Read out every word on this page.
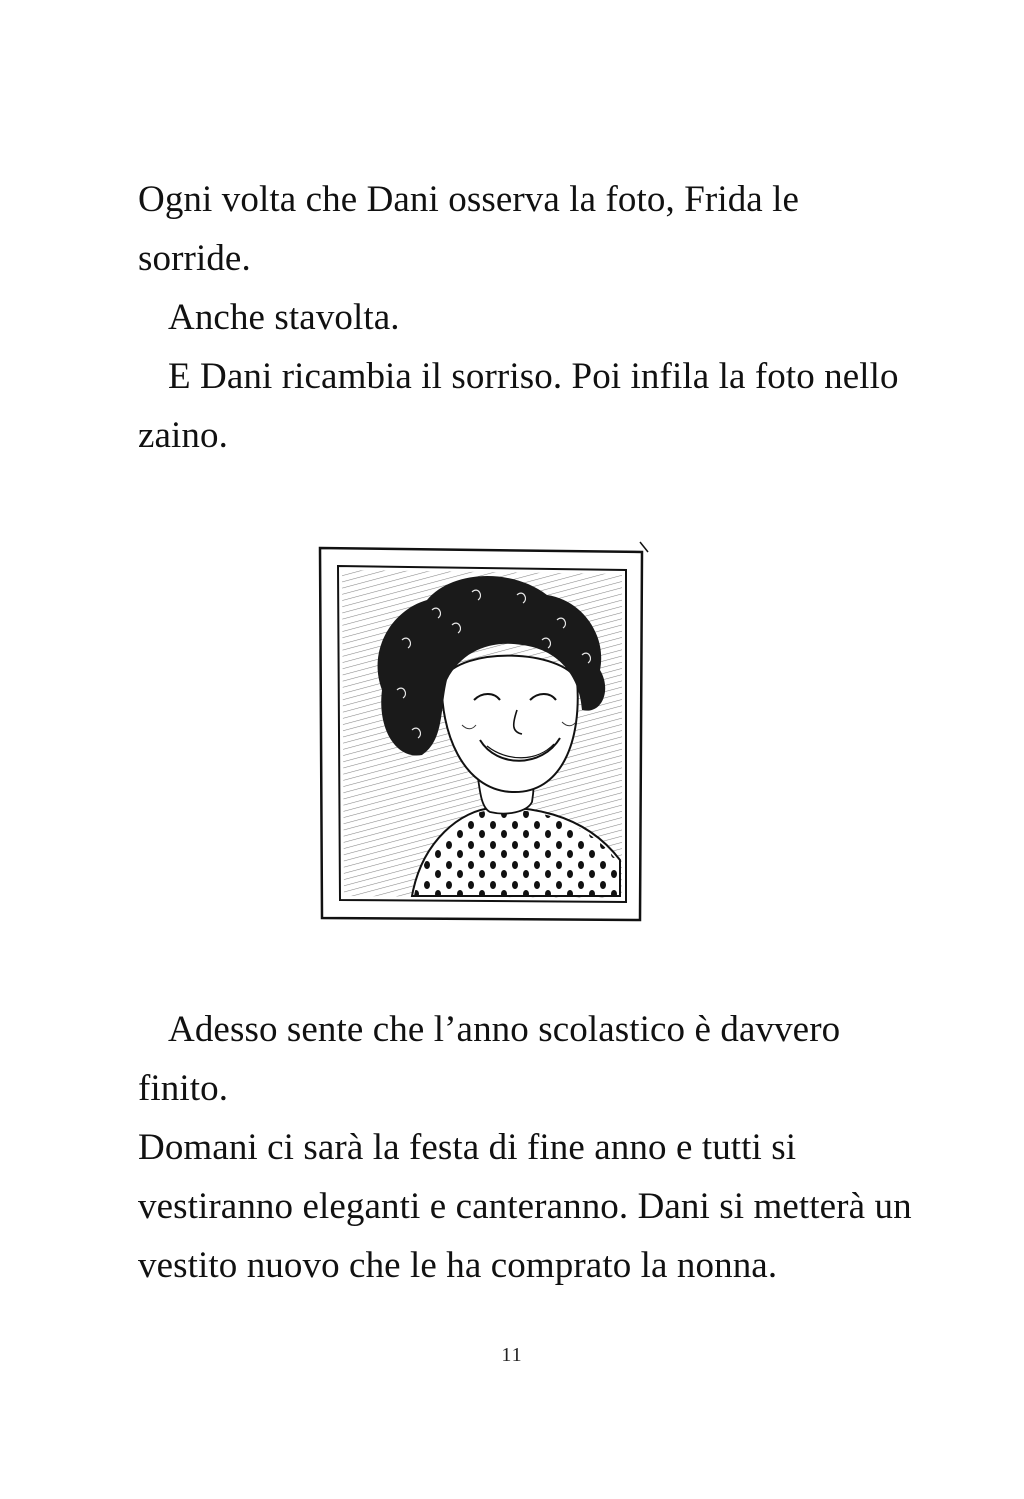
Ogni volta che Dani osserva la foto, Frida le sorride.

Anche stavolta.

E Dani ricambia il sorriso. Poi infila la foto nello zaino.

Adesso sente che l’anno scolastico è davvero finito.

Domani ci sarà la festa di fine anno e tutti si vestiranno eleganti e canteranno. Dani si metterà un vestito nuovo che le ha comprato la nonna.

11
